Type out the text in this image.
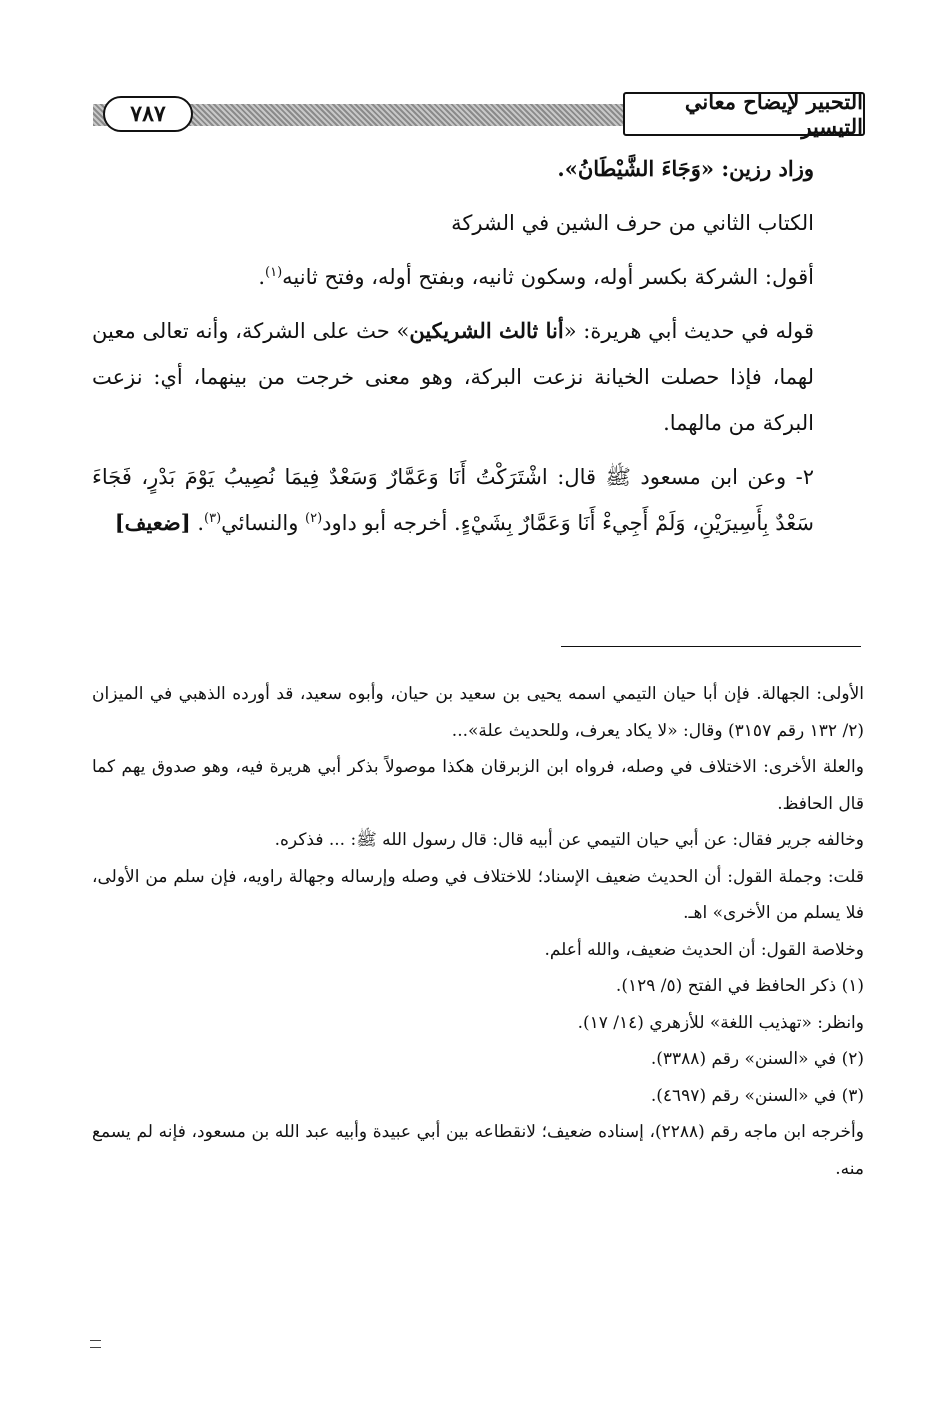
٧٨٧	التحبير لإيضاح معاني التيسير

وزاد رزين: «وَجَاءَ الشَّيْطَانُ».

الكتاب الثاني من حرف الشين في الشركة

أقول: الشركة بكسر أوله، وسكون ثانيه، وبفتح أوله، وفتح ثانيه$^{(١)}$.

قوله في حديث أبي هريرة: «أنا ثالث الشريكين» حث على الشركة، وأنه تعالى معين لهما، فإذا حصلت الخيانة نزعت البركة، وهو معنى خرجت من بينهما، أي: نزعت البركة من مالهما.

٢- وعن ابن مسعود ﷺ قال: اشْتَرَكْتُ أَنَا وَعَمَّارٌ وَسَعْدٌ فِيمَا نُصِيبُ يَوْمَ بَدْرٍ، فَجَاءَ سَعْدٌ بِأَسِيرَيْنِ، وَلَمْ أَجِيءْ أَنَا وَعَمَّارٌ بِشَيْءٍ. أخرجه أبو داود$^{(٢)}$ والنسائي$^{(٣)}$. [ضعيف]

الأولى: الجهالة. فإن أبا حيان التيمي اسمه يحيى بن سعيد بن حيان، وأبوه سعيد، قد أورده الذهبي في الميزان (٢/ ١٣٢ رقم ٣١٥٧) وقال: «لا يكاد يعرف، وللحديث علة»...

والعلة الأخرى: الاختلاف في وصله، فرواه ابن الزبرقان هكذا موصولاً بذكر أبي هريرة فيه، وهو صدوق يهم كما قال الحافظ.

وخالفه جرير فقال: عن أبي حيان التيمي عن أبيه قال: قال رسول الله ﷺ: ... فذكره.

قلت: وجملة القول: أن الحديث ضعيف الإسناد؛ للاختلاف في وصله وإرساله وجهالة راويه، فإن سلم من الأولى، فلا يسلم من الأخرى» اهـ.

وخلاصة القول: أن الحديث ضعيف، والله أعلم.

(١) ذكر الحافظ في الفتح (٥/ ١٢٩).

وانظر: «تهذيب اللغة» للأزهري (١٤/ ١٧).

(٢) في «السنن» رقم (٣٣٨٨).

(٣) في «السنن» رقم (٤٦٩٧).

وأخرجه ابن ماجه رقم (٢٢٨٨)، إسناده ضعيف؛ لانقطاعه بين أبي عبيدة وأبيه عبد الله بن مسعود، فإنه لم يسمع منه.
